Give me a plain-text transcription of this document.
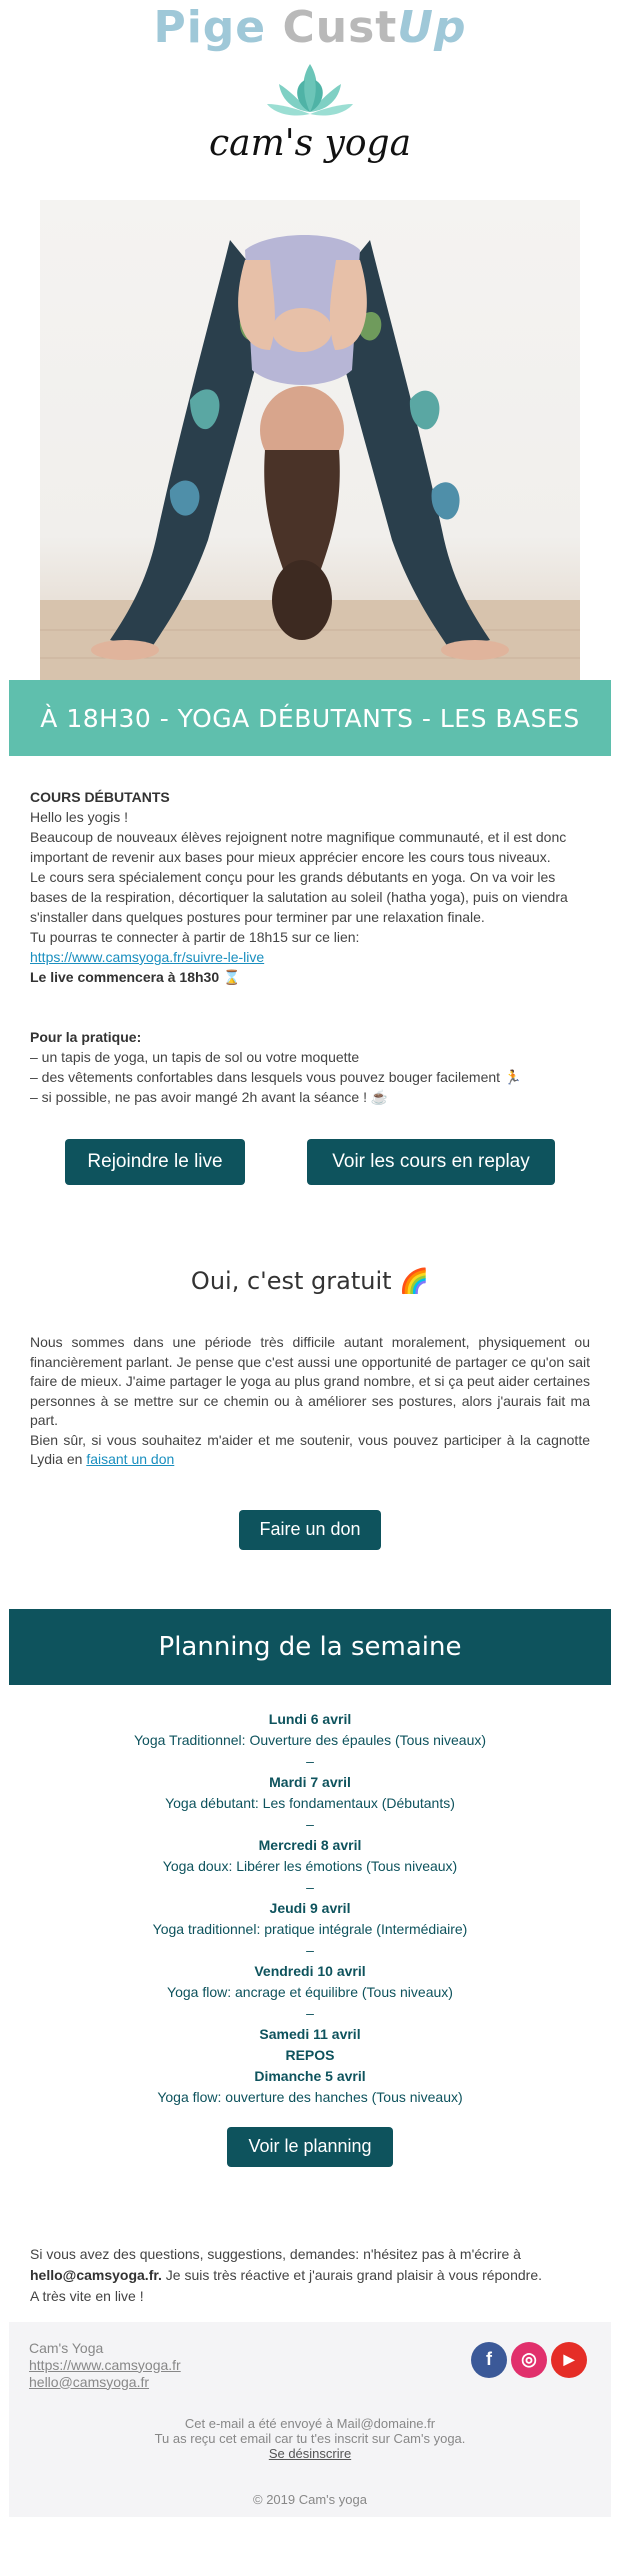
Pige CustUp
cam's yoga
À 18H30 - YOGA DÉBUTANTS - LES BASES
COURS DÉBUTANTS
Hello les yogis !
Beaucoup de nouveaux élèves rejoignent notre magnifique communauté, et il est donc important de revenir aux bases pour mieux apprécier encore les cours tous niveaux.
Le cours sera spécialement conçu pour les grands débutants en yoga. On va voir les bases de la respiration, décortiquer la salutation au soleil (hatha yoga), puis on viendra s'installer dans quelques postures pour terminer par une relaxation finale.
Tu pourras te connecter à partir de 18h15 sur ce lien:
https://www.camsyoga.fr/suivre-le-live
Le live commencera à 18h30 ⌛
Pour la pratique:
– un tapis de yoga, un tapis de sol ou votre moquette
– des vêtements confortables dans lesquels vous pouvez bouger facilement 🏃
– si possible, ne pas avoir mangé 2h avant la séance ! ☕
Rejoindre le live	Voir les cours en replay
Oui, c'est gratuit 🌈
Nous sommes dans une période très difficile autant moralement, physiquement ou financièrement parlant. Je pense que c'est aussi une opportunité de partager ce qu'on sait faire de mieux. J'aime partager le yoga au plus grand nombre, et si ça peut aider certaines personnes à se mettre sur ce chemin ou à améliorer ses postures, alors j'aurais fait ma part.
Bien sûr, si vous souhaitez m'aider et me soutenir, vous pouvez participer à la cagnotte Lydia en faisant un don
Faire un don
Planning de la semaine
Lundi 6 avril
Yoga Traditionnel: Ouverture des épaules (Tous niveaux)
–
Mardi 7 avril
Yoga débutant: Les fondamentaux (Débutants)
–
Mercredi 8 avril
Yoga doux: Libérer les émotions (Tous niveaux)
–
Jeudi 9 avril
Yoga traditionnel: pratique intégrale (Intermédiaire)
–
Vendredi 10 avril
Yoga flow: ancrage et équilibre (Tous niveaux)
–
Samedi 11 avril
REPOS
Dimanche 5 avril
Yoga flow: ouverture des hanches (Tous niveaux)
Voir le planning
Si vous avez des questions, suggestions, demandes: n'hésitez pas à m'écrire à
hello@camsyoga.fr. Je suis très réactive et j'aurais grand plaisir à vous répondre.
A très vite en live !
Cam's Yoga
https://www.camsyoga.fr
hello@camsyoga.fr
f	◎	▶
Cet e-mail a été envoyé à Mail@domaine.fr
Tu as reçu cet email car tu t'es inscrit sur Cam's yoga.
Se désinscrire
© 2019 Cam's yoga
